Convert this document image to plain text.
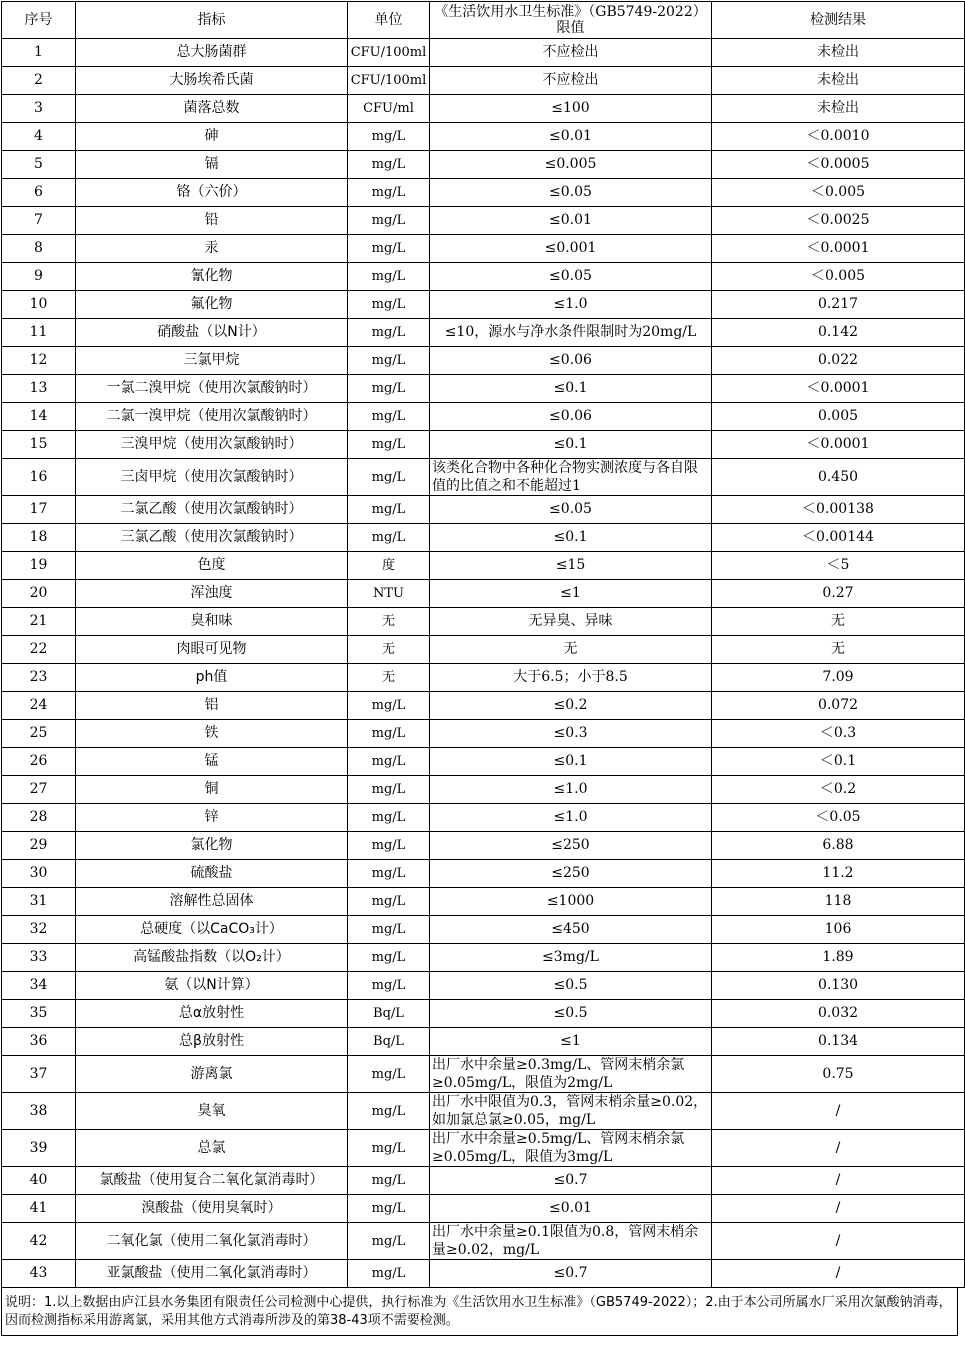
序号	指标	单位	《生活饮用水卫生标准》（GB5749-2022）限值	检测结果
1	总大肠菌群	CFU/100ml	不应检出	未检出
2	大肠埃希氏菌	CFU/100ml	不应检出	未检出
3	菌落总数	CFU/ml	≤100	未检出
4	砷	mg/L	≤0.01	＜0.0010
5	镉	mg/L	≤0.005	＜0.0005
6	铬（六价）	mg/L	≤0.05	＜0.005
7	铅	mg/L	≤0.01	＜0.0025
8	汞	mg/L	≤0.001	＜0.0001
9	氰化物	mg/L	≤0.05	＜0.005
10	氟化物	mg/L	≤1.0	0.217
11	硝酸盐（以N计）	mg/L	≤10，源水与净水条件限制时为20mg/L	0.142
12	三氯甲烷	mg/L	≤0.06	0.022
13	一氯二溴甲烷（使用次氯酸钠时）	mg/L	≤0.1	＜0.0001
14	二氯一溴甲烷（使用次氯酸钠时）	mg/L	≤0.06	0.005
15	三溴甲烷（使用次氯酸钠时）	mg/L	≤0.1	＜0.0001
16	三卤甲烷（使用次氯酸钠时）	mg/L	该类化合物中各种化合物实测浓度与各自限值的比值之和不能超过1	0.450
17	二氯乙酸（使用次氯酸钠时）	mg/L	≤0.05	＜0.00138
18	三氯乙酸（使用次氯酸钠时）	mg/L	≤0.1	＜0.00144
19	色度	度	≤15	＜5
20	浑浊度	NTU	≤1	0.27
21	臭和味	无	无异臭、异味	无
22	肉眼可见物	无	无	无
23	ph值	无	大于6.5；小于8.5	7.09
24	铝	mg/L	≤0.2	0.072
25	铁	mg/L	≤0.3	＜0.3
26	锰	mg/L	≤0.1	＜0.1
27	铜	mg/L	≤1.0	＜0.2
28	锌	mg/L	≤1.0	＜0.05
29	氯化物	mg/L	≤250	6.88
30	硫酸盐	mg/L	≤250	11.2
31	溶解性总固体	mg/L	≤1000	118
32	总硬度（以CaCO₃计）	mg/L	≤450	106
33	高锰酸盐指数（以O₂计）	mg/L	≤3mg/L	1.89
34	氨（以N计算）	mg/L	≤0.5	0.130
35	总α放射性	Bq/L	≤0.5	0.032
36	总β放射性	Bq/L	≤1	0.134
37	游离氯	mg/L	出厂水中余量≥0.3mg/L、管网末梢余氯≥0.05mg/L，限值为2mg/L	0.75
38	臭氧	mg/L	出厂水中限值为0.3，管网末梢余量≥0.02，如加氯总氯≥0.05，mg/L	/
39	总氯	mg/L	出厂水中余量≥0.5mg/L、管网末梢余氯≥0.05mg/L，限值为3mg/L	/
40	氯酸盐（使用复合二氧化氯消毒时）	mg/L	≤0.7	/
41	溴酸盐（使用臭氧时）	mg/L	≤0.01	/
42	二氧化氯（使用二氧化氯消毒时）	mg/L	出厂水中余量≥0.1限值为0.8，管网末梢余量≥0.02，mg/L	/
43	亚氯酸盐（使用二氧化氯消毒时）	mg/L	≤0.7	/
说明：1.以上数据由庐江县水务集团有限责任公司检测中心提供，执行标准为《生活饮用水卫生标准》（GB5749-2022）；2.由于本公司所属水厂采用次氯酸钠消毒，因而检测指标采用游离氯，采用其他方式消毒所涉及的第38-43项不需要检测。
